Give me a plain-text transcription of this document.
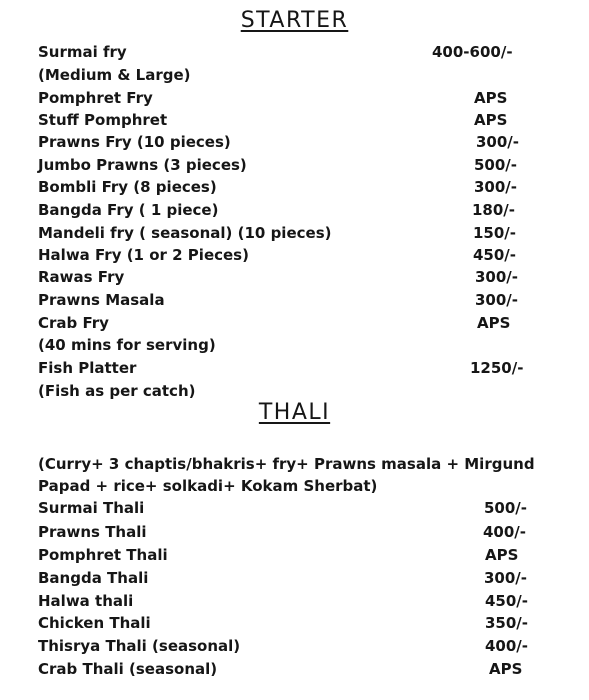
STARTER
Surmai fry	400-600/-
(Medium & Large)
Pomphret Fry	APS
Stuff Pomphret	APS
Prawns Fry (10 pieces)	300/-
Jumbo Prawns (3 pieces)	500/-
Bombli Fry (8 pieces)	300/-
Bangda Fry ( 1 piece)	180/-
Mandeli fry ( seasonal) (10 pieces)	150/-
Halwa Fry (1 or 2 Pieces)	450/-
Rawas Fry	300/-
Prawns Masala	300/-
Crab Fry	APS
(40 mins for serving)
Fish Platter	1250/-
(Fish as per catch)
THALI
(Curry+ 3 chaptis/bhakris+ fry+ Prawns masala + Mirgund
Papad + rice+ solkadi+ Kokam Sherbat)
Surmai Thali	500/-
Prawns Thali	400/-
Pomphret Thali	APS
Bangda Thali	300/-
Halwa thali	450/-
Chicken Thali	350/-
Thisrya Thali (seasonal)	400/-
Crab Thali (seasonal)	APS
